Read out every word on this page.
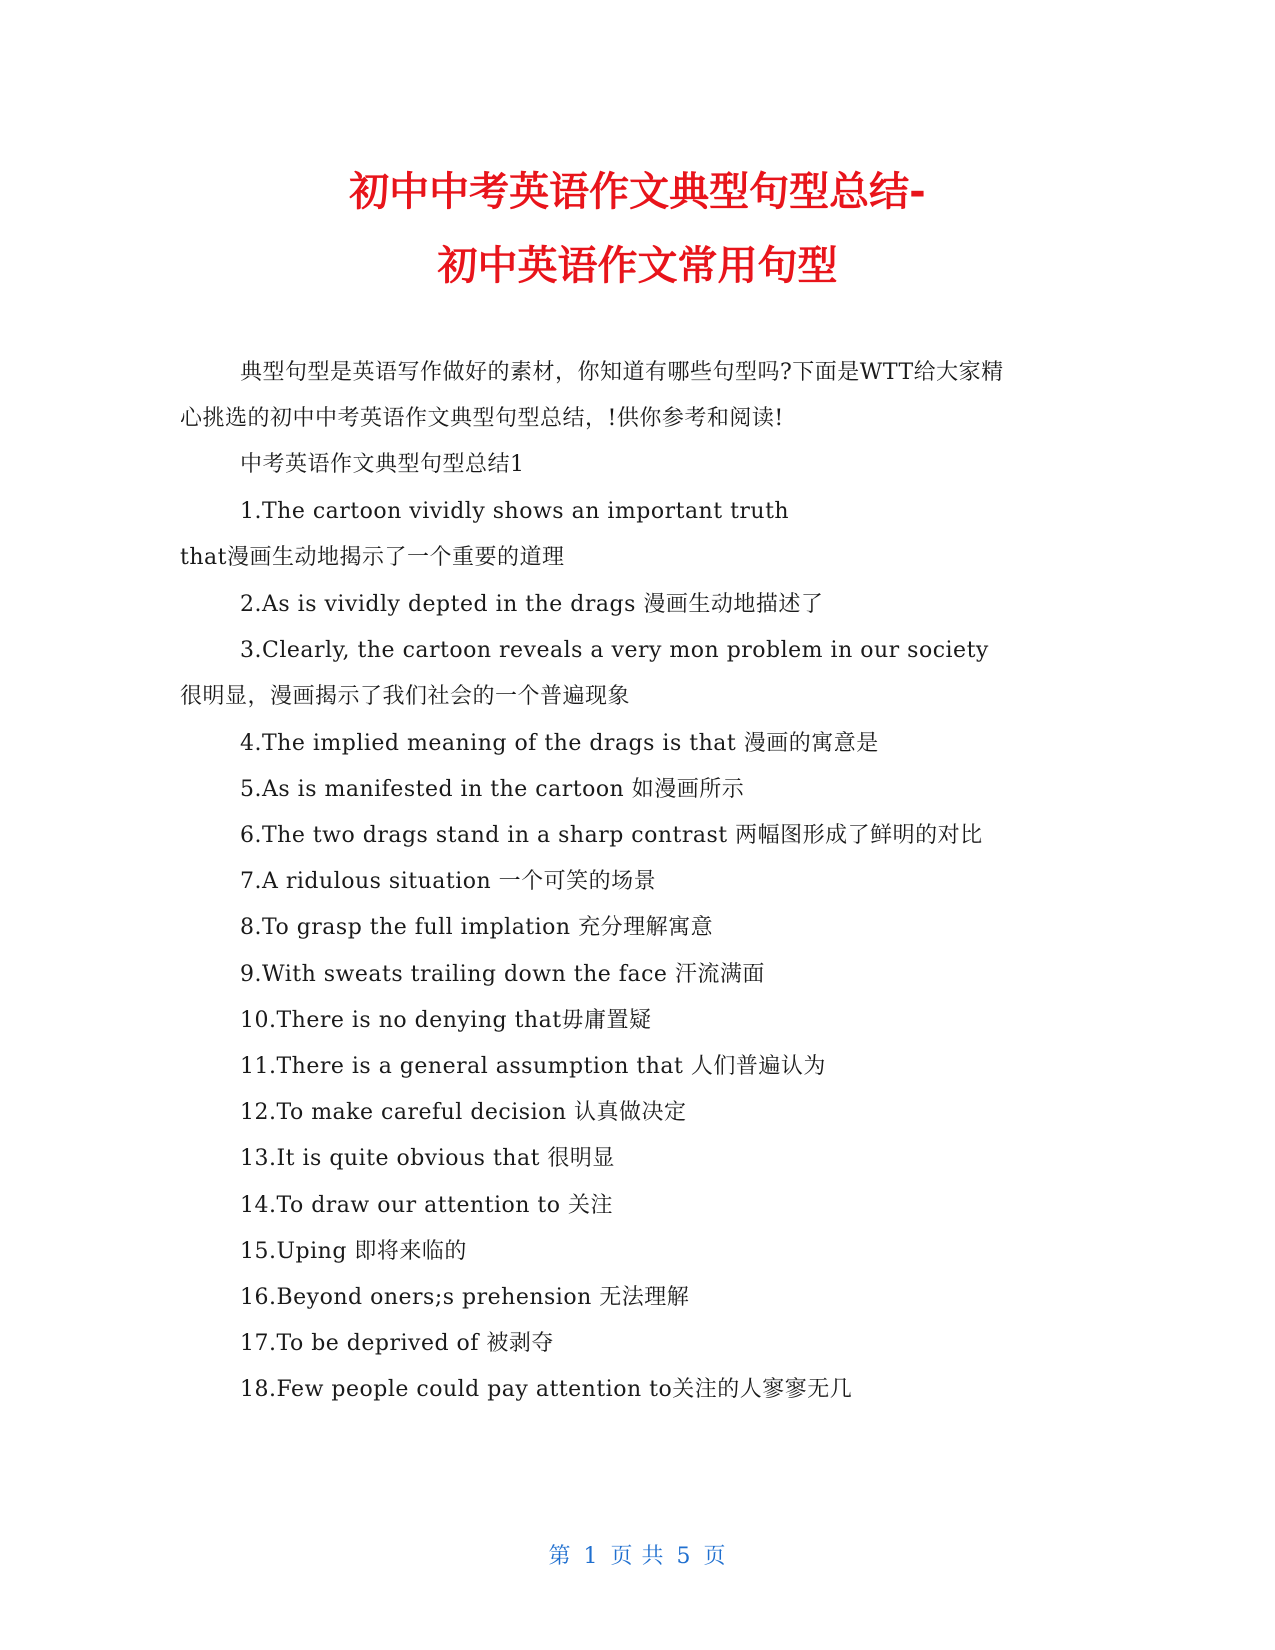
初中中考英语作文典型句型总结-
初中英语作文常用句型
典型句型是英语写作做好的素材，你知道有哪些句型吗?下面是WTT给大家精
心挑选的初中中考英语作文典型句型总结，!供你参考和阅读!
中考英语作文典型句型总结1
1.The cartoon vividly shows an important truth
that漫画生动地揭示了一个重要的道理
2.As is vividly depted in the drags 漫画生动地描述了
3.Clearly, the cartoon reveals a very mon problem in our society
很明显，漫画揭示了我们社会的一个普遍现象
4.The implied meaning of the drags is that 漫画的寓意是
5.As is manifested in the cartoon 如漫画所示
6.The two drags stand in a sharp contrast 两幅图形成了鲜明的对比
7.A ridulous situation 一个可笑的场景
8.To grasp the full implation 充分理解寓意
9.With sweats trailing down the face 汗流满面
10.There is no denying that毋庸置疑
11.There is a general assumption that 人们普遍认为
12.To make careful decision 认真做决定
13.It is quite obvious that 很明显
14.To draw our attention to 关注
15.Uping 即将来临的
16.Beyond oners;s prehension 无法理解
17.To be deprived of 被剥夺
18.Few people could pay attention to关注的人寥寥无几
第 1 页 共 5 页
